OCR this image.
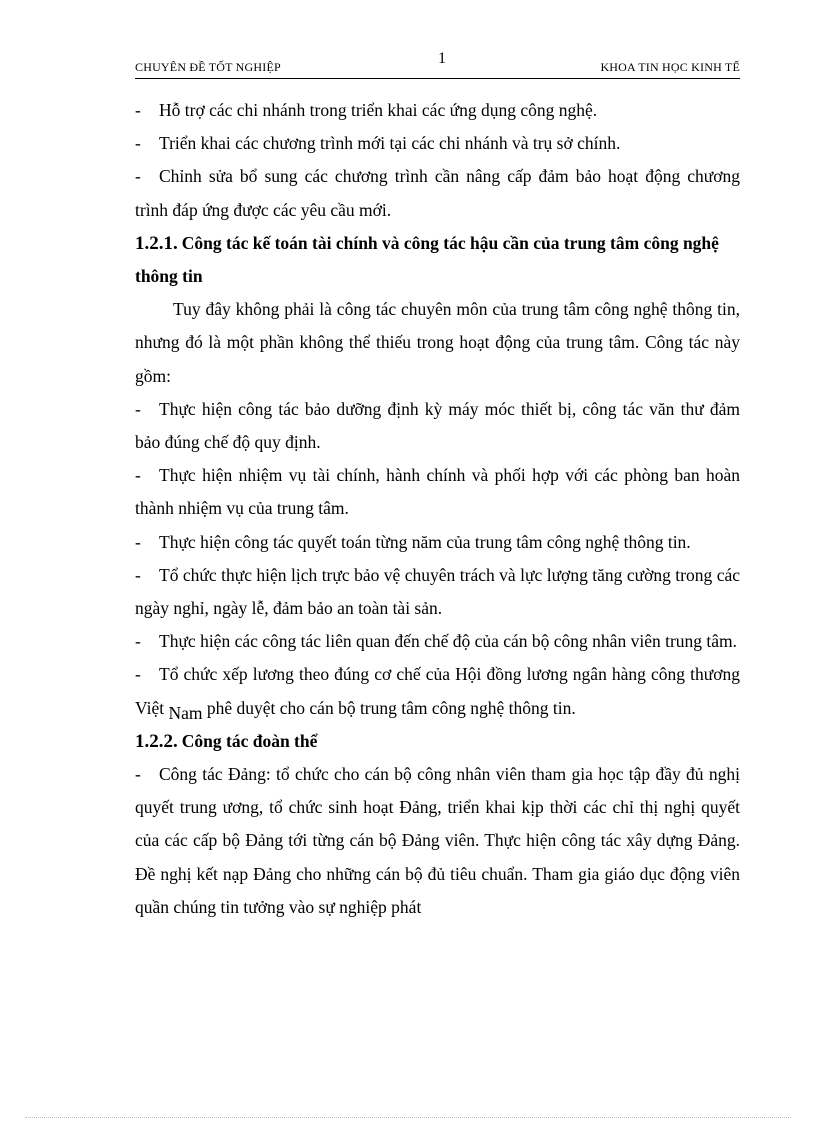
CHUYÊN ĐỀ TỐT NGHIỆP	1	KHOA TIN HỌC KINH TẾ

- Hỗ trợ các chi nhánh trong triển khai các ứng dụng công nghệ.

- Triển khai các chương trình mới tại các chi nhánh và trụ sở chính.

- Chỉnh sửa bổ sung các chương trình cần nâng cấp đảm bảo hoạt động chương trình đáp ứng được các yêu cầu mới.

1.2.1. Công tác kế toán tài chính và công tác hậu cần của trung tâm công nghệ thông tin

Tuy đây không phải là công tác chuyên môn của trung tâm công nghệ thông tin, nhưng đó là một phần không thể thiếu trong hoạt động của trung tâm. Công tác này gồm:

- Thực hiện công tác bảo dưỡng định kỳ máy móc thiết bị, công tác văn thư đảm bảo đúng chế độ quy định.

- Thực hiện nhiệm vụ tài chính, hành chính và phối hợp với các phòng ban hoàn thành nhiệm vụ của trung tâm.

- Thực hiện công tác quyết toán từng năm của trung tâm công nghệ thông tin.

- Tổ chức thực hiện lịch trực bảo vệ chuyên trách và lực lượng tăng cường trong các ngày nghỉ, ngày lễ, đảm bảo an toàn tài sản.

- Thực hiện các công tác liên quan đến chế độ của cán bộ công nhân viên trung tâm.

- Tổ chức xếp lương theo đúng cơ chế của Hội đồng lương ngân hàng công thương Việt Nam phê duyệt cho cán bộ trung tâm công nghệ thông tin.

1.2.2. Công tác đoàn thể

- Công tác Đảng: tổ chức cho cán bộ công nhân viên tham gia học tập đầy đủ nghị quyết trung ương, tổ chức sinh hoạt Đảng, triển khai kịp thời các chỉ thị nghị quyết của các cấp bộ Đảng tới từng cán bộ Đảng viên. Thực hiện công tác xây dựng Đảng. Đề nghị kết nạp Đảng cho những cán bộ đủ tiêu chuẩn. Tham gia giáo dục động viên quần chúng tin tưởng vào sự nghiệp phát
